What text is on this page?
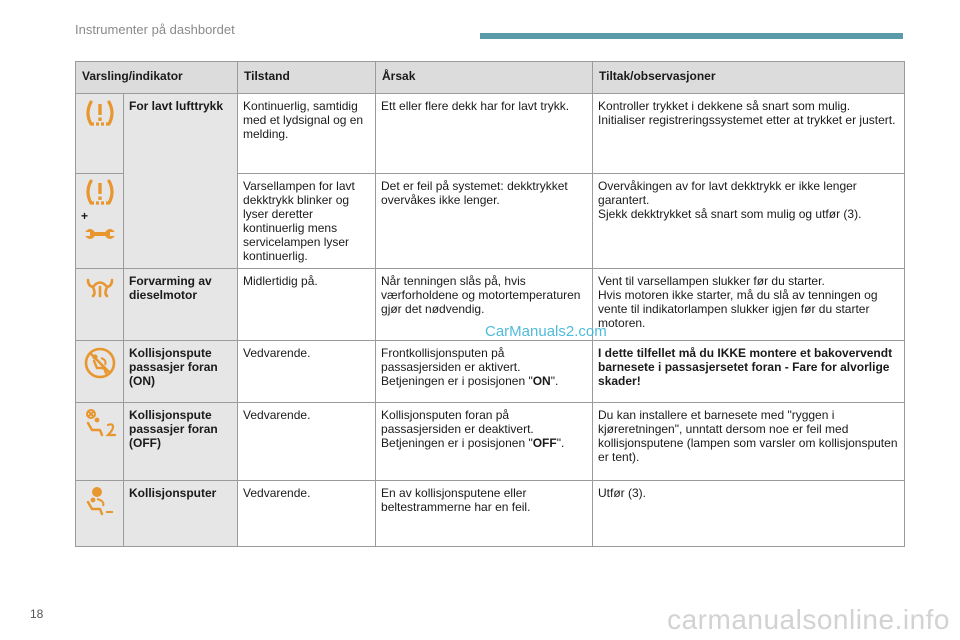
Instrumenter på dashbordet
Varsling/indikator		Tilstand	Årsak	Tiltak/observasjoner

	For lavt lufttrykk	Kontinuerlig, samtidig med et lydsignal og en melding.	Ett eller flere dekk har for lavt trykk.	Kontroller trykket i dekkene så snart som mulig. Initialiser registreringssystemet etter at trykket er justert.

+		Varsellampen for lavt dekktrykk blinker og lyser deretter kontinuerlig mens servicelampen lyser kontinuerlig.	Det er feil på systemet: dekktrykket overvåkes ikke lenger.	Overvåkingen av for lavt dekktrykk er ikke lenger garantert.
Sjekk dekktrykket så snart som mulig og utfør (3).

	Forvarming av dieselmotor	Midlertidig på.	Når tenningen slås på, hvis værforholdene og motortemperaturen gjør det nødvendig.	Vent til varsellampen slukker før du starter.
Hvis motoren ikke starter, må du slå av tenningen og vente til indikatorlampen slukker igjen før du starter motoren.

	Kollisjonspute passasjer foran (ON)	Vedvarende.	Frontkollisjonsputen på passasjersiden er aktivert.
Betjeningen er i posisjonen "ON".	I dette tilfellet må du IKKE montere et bakovervendt barnesete i passasjersetet foran - Fare for alvorlige skader!

	Kollisjonspute passasjer foran (OFF)	Vedvarende.	Kollisjonsputen foran på passasjersiden er deaktivert.
Betjeningen er i posisjonen "OFF".	Du kan installere et barnesete med "ryggen i kjøreretningen", unntatt dersom noe er feil med kollisjonsputene (lampen som varsler om kollisjonsputen er tent).

	Kollisjonsputer	Vedvarende.	En av kollisjonsputene eller beltestrammerne har en feil.	Utfør (3).
CarManuals2.com
18	carmanualsonline.info
